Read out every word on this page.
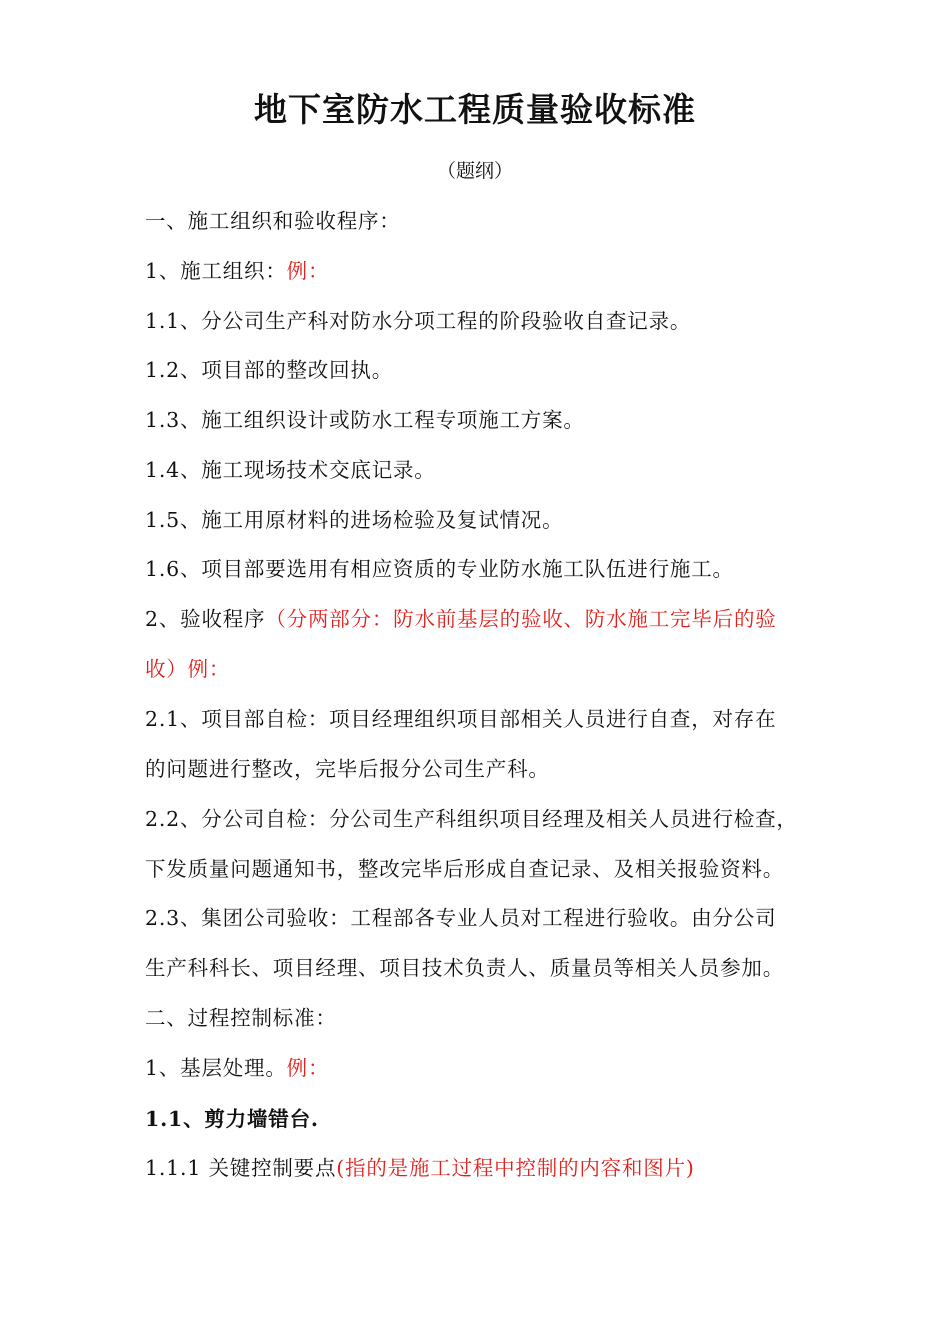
地下室防水工程质量验收标准
（题纲）
一、施工组织和验收程序：
1、施工组织：例：
1.1、分公司生产科对防水分项工程的阶段验收自查记录。
1.2、项目部的整改回执。
1.3、施工组织设计或防水工程专项施工方案。
1.4、施工现场技术交底记录。
1.5、施工用原材料的进场检验及复试情况。
1.6、项目部要选用有相应资质的专业防水施工队伍进行施工。
2、验收程序（分两部分：防水前基层的验收、防水施工完毕后的验
收）例：
2.1、项目部自检：项目经理组织项目部相关人员进行自查，对存在
的问题进行整改，完毕后报分公司生产科。
2.2、分公司自检：分公司生产科组织项目经理及相关人员进行检查，
下发质量问题通知书，整改完毕后形成自查记录、及相关报验资料。
2.3、集团公司验收：工程部各专业人员对工程进行验收。由分公司
生产科科长、项目经理、项目技术负责人、质量员等相关人员参加。
二、过程控制标准：
1、基层处理。例：
1.1、剪力墙错台.
1.1.1 关键控制要点(指的是施工过程中控制的内容和图片)
